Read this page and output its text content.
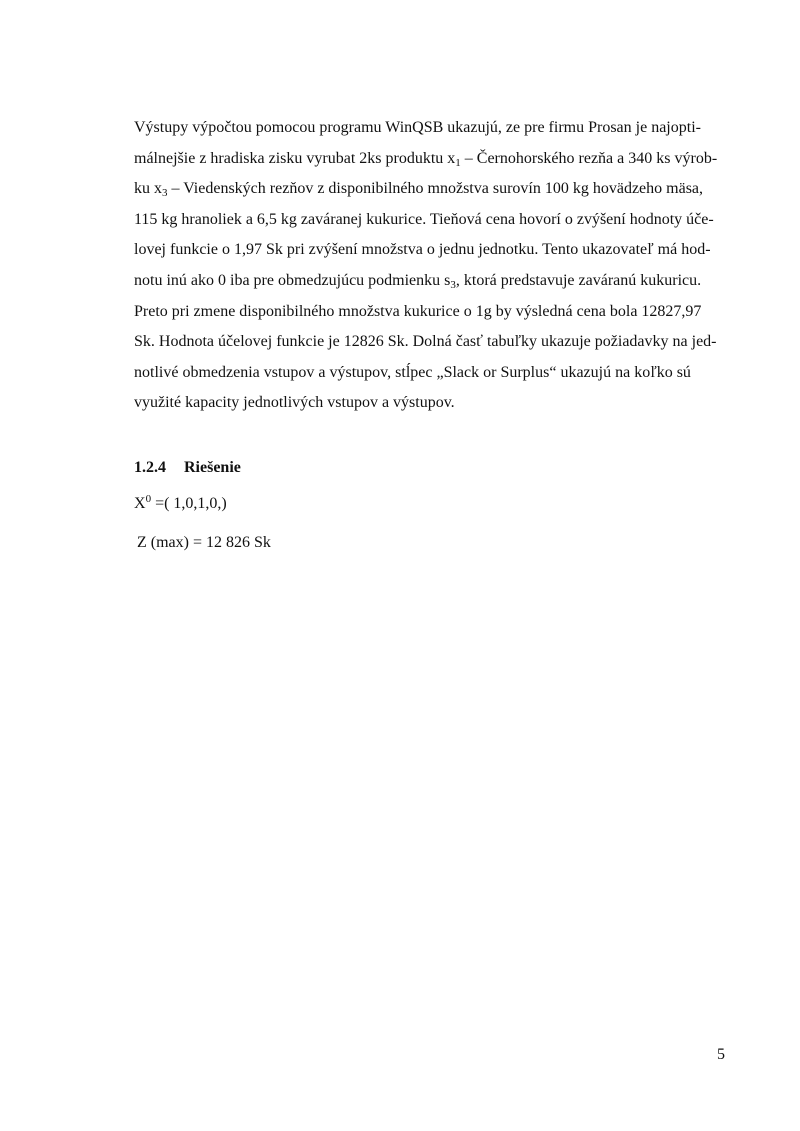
Výstupy výpočtou pomocou programu WinQSB ukazujú, ze pre firmu Prosan je najopti-
málnejšie z hradiska zisku vyrubat 2ks produktu $x_1$ – Černohorského rezňa a 340 ks výrob-
ku $x_3$ – Viedenských rezňov z disponibilného množstva surovín 100 kg hovädzeho mäsa,
115 kg hranoliek a 6,5 kg zaváranej kukurice. Tieňová cena hovorí o zvýšení hodnoty úče-
lovej funkcie o 1,97 Sk pri zvýšení množstva o jednu jednotku. Tento ukazovateľ má hod-
notu inú ako 0 iba pre obmedzujúcu podmienku $s_3$, ktorá predstavuje zaváranú kukuricu.
Preto pri zmene disponibilného množstva kukurice o 1g by výsledná cena bola 12827,97
Sk. Hodnota účelovej funkcie je 12826 Sk. Dolná časť tabuľky ukazuje požiadavky na jed-
notlivé obmedzenia vstupov a výstupov, stĺpec „Slack or Surplus“ ukazujú na koľko sú
využité kapacity jednotlivých vstupov a výstupov.
1.2.4 Riešenie
$X^0$ =( 1,0,1,0,)
Z (max) = 12 826 Sk
5
